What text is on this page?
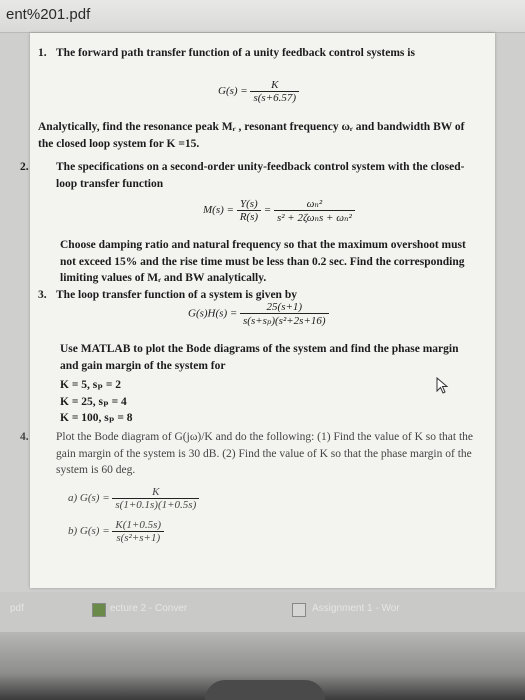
ent%201.pdf

1. The forward path transfer function of a unity feedback control systems is

$G(s) = \frac{K}{s(s+6.57)}$
Analytically, find the resonance peak Mᵣ , resonant frequency ωᵣ and bandwidth BW of the closed loop system for K =15.

2. The specifications on a second-order unity-feedback control system with the closed-loop transfer function

$M(s) = \frac{Y(s)}{R(s)} = \frac{\text{ωₙ²}}{\text{s² + 2ζωₙs + ωₙ²}}$
Choose damping ratio and natural frequency so that the maximum overshoot must not exceed 15% and the rise time must be less than 0.2 sec. Find the corresponding limiting values of Mᵣ and BW analytically.

3. The loop transfer function of a system is given by

$G(s)H(s) = \frac{25(s+1)}{\text{s(s+sₚ)(s²+2s+16)}}$
Use MATLAB to plot the Bode diagrams of the system and find the phase margin and gain margin of the system for

K = 5, sₚ = 2

K = 25, sₚ = 4

K = 100, sₚ = 8

4. Plot the Bode diagram of G(jω)/K and do the following: (1) Find the value of K so that the gain margin of the system is 30 dB. (2) Find the value of K so that the phase margin of the system is 60 deg.

a) $G(s) = \frac{K}{s(1+0.1s)(1+0.5s)}$
b) $G(s) = \frac{K(1+0.5s)}{\text{s(s²+s+1)}}$
pdf	ecture 2 - Conver	Assignment 1 - Wor
